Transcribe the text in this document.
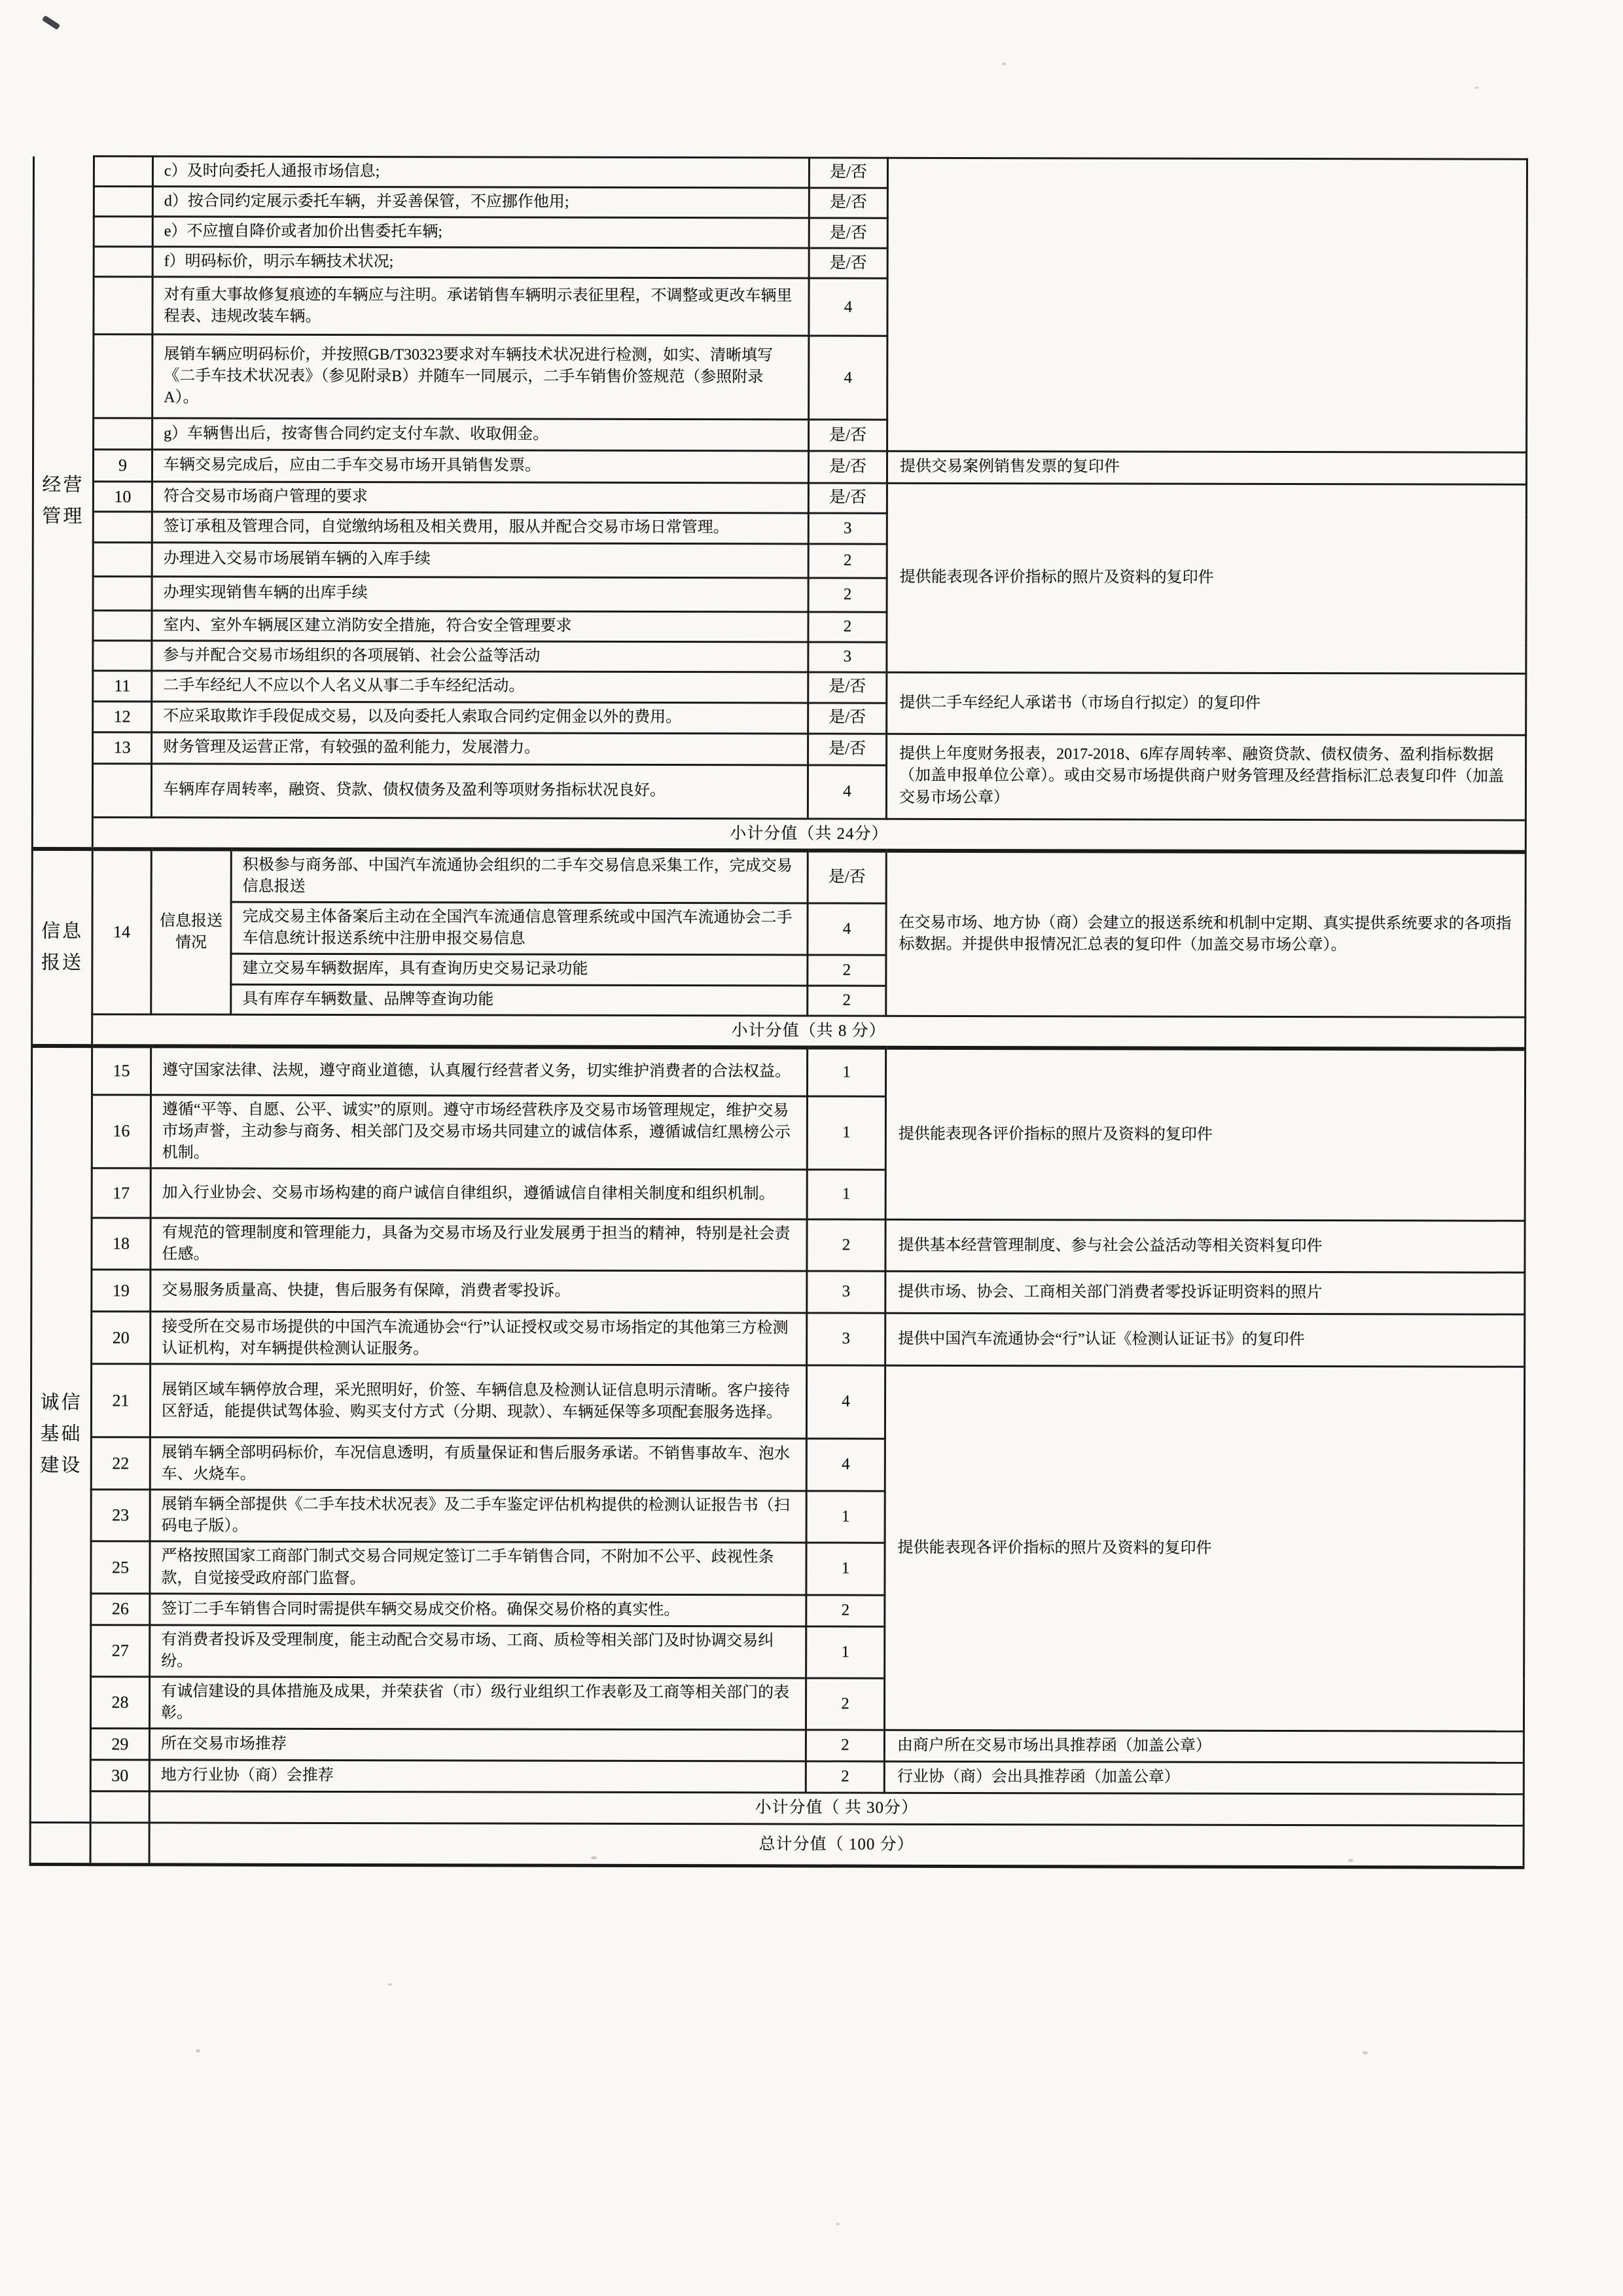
经营管理		c）及时向委托人通报市场信息;		是/否	
		d）按合同约定展示委托车辆，并妥善保管，不应挪作他用;		是/否	
		e）不应擅自降价或者加价出售委托车辆;		是/否	
		f）明码标价，明示车辆技术状况;		是/否	
		对有重大事故修复痕迹的车辆应与注明。承诺销售车辆明示表征里程，不调整或更改车辆里程表、违规改装车辆。		4	
		展销车辆应明码标价，并按照GB/T30323要求对车辆技术状况进行检测，如实、清晰填写《二手车技术状况表》（参见附录B）并随车一同展示，二手车销售价签规范（参照附录A）。		4	
		g）车辆售出后，按寄售合同约定支付车款、收取佣金。		是/否	
	9	车辆交易完成后，应由二手车交易市场开具销售发票。		是/否	提供交易案例销售发票的复印件
	10	符合交易市场商户管理的要求		是/否	提供能表现各评价指标的照片及资料的复印件
		签订承租及管理合同，自觉缴纳场租及相关费用，服从并配合交易市场日常管理。		3	
		办理进入交易市场展销车辆的入库手续		2	
		办理实现销售车辆的出库手续		2	
		室内、室外车辆展区建立消防安全措施，符合安全管理要求		2	
		参与并配合交易市场组织的各项展销、社会公益等活动		3	
	11	二手车经纪人不应以个人名义从事二手车经纪活动。		是/否	提供二手车经纪人承诺书（市场自行拟定）的复印件
	12	不应采取欺诈手段促成交易，以及向委托人索取合同约定佣金以外的费用。		是/否	
	13	财务管理及运营正常，有较强的盈利能力，发展潜力。		是/否	提供上年度财务报表，2017-2018、6库存周转率、融资贷款、债权债务、盈利指标数据（加盖申报单位公章）。或由交易市场提供商户财务管理及经营指标汇总表复印件（加盖交易市场公章）
		车辆库存周转率，融资、贷款、债权债务及盈利等项财务指标状况良好。		4	
	小计分值（共 24分）				
信息报送	14	信息报送情况	积极参与商务部、中国汽车流通协会组织的二手车交易信息采集工作，完成交易信息报送	是/否	在交易市场、地方协（商）会建立的报送系统和机制中定期、真实提供系统要求的各项指标数据。并提供申报情况汇总表的复印件（加盖交易市场公章）。
			完成交易主体备案后主动在全国汽车流通信息管理系统或中国汽车流通协会二手车信息统计报送系统中注册申报交易信息	4	
			建立交易车辆数据库，具有查询历史交易记录功能	2	
			具有库存车辆数量、品牌等查询功能	2	
	小计分值（共 8 分）				
诚信基础建设	15	遵守国家法律、法规，遵守商业道德，认真履行经营者义务，切实维护消费者的合法权益。		1	提供能表现各评价指标的照片及资料的复印件
	16	遵循“平等、自愿、公平、诚实”的原则。遵守市场经营秩序及交易市场管理规定，维护交易市场声誉，主动参与商务、相关部门及交易市场共同建立的诚信体系，遵循诚信红黑榜公示机制。		1	
	17	加入行业协会、交易市场构建的商户诚信自律组织，遵循诚信自律相关制度和组织机制。		1	
	18	有规范的管理制度和管理能力，具备为交易市场及行业发展勇于担当的精神，特别是社会责任感。		2	提供基本经营管理制度、参与社会公益活动等相关资料复印件
	19	交易服务质量高、快捷，售后服务有保障，消费者零投诉。		3	提供市场、协会、工商相关部门消费者零投诉证明资料的照片
	20	接受所在交易市场提供的中国汽车流通协会“行”认证授权或交易市场指定的其他第三方检测认证机构，对车辆提供检测认证服务。		3	提供中国汽车流通协会“行”认证《检测认证证书》的复印件
	21	展销区域车辆停放合理，采光照明好，价签、车辆信息及检测认证信息明示清晰。客户接待区舒适，能提供试驾体验、购买支付方式（分期、现款）、车辆延保等多项配套服务选择。		4	提供能表现各评价指标的照片及资料的复印件
	22	展销车辆全部明码标价，车况信息透明，有质量保证和售后服务承诺。不销售事故车、泡水车、火烧车。		4	
	23	展销车辆全部提供《二手车技术状况表》及二手车鉴定评估机构提供的检测认证报告书（扫码电子版）。		1	
	25	严格按照国家工商部门制式交易合同规定签订二手车销售合同，不附加不公平、歧视性条款，自觉接受政府部门监督。		1	
	26	签订二手车销售合同时需提供车辆交易成交价格。确保交易价格的真实性。		2	
	27	有消费者投诉及受理制度，能主动配合交易市场、工商、质检等相关部门及时协调交易纠纷。		1	
	28	有诚信建设的具体措施及成果，并荣获省（市）级行业组织工作表彰及工商等相关部门的表彰。		2	
	29	所在交易市场推荐		2	由商户所在交易市场出具推荐函（加盖公章）
	30	地方行业协（商）会推荐		2	行业协（商）会出具推荐函（加盖公章）
		小计分值（ 共 30分）			
		总计分值（ 100 分）			
